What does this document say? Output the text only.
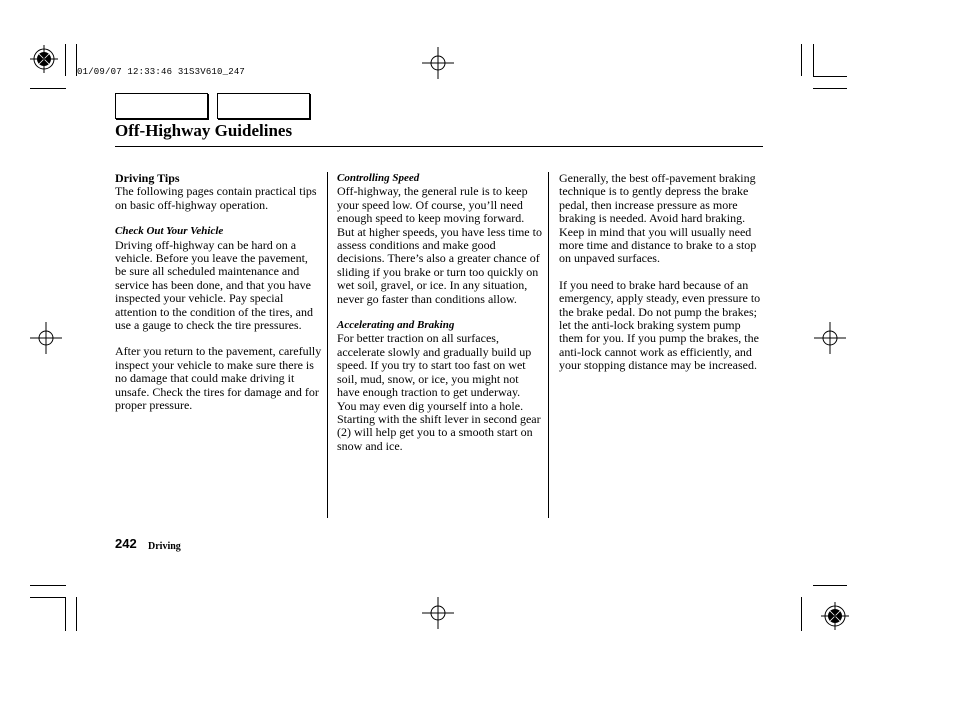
01/09/07 12:33:46 31S3V610_247
Off-Highway Guidelines

Driving Tips

The following pages contain practical tips on basic off-highway operation.

Check Out Your Vehicle

Driving off-highway can be hard on a vehicle. Before you leave the pavement, be sure all scheduled maintenance and service has been done, and that you have inspected your vehicle. Pay special attention to the condition of the tires, and use a gauge to check the tire pressures.

After you return to the pavement, carefully inspect your vehicle to make sure there is no damage that could make driving it unsafe. Check the tires for damage and for proper pressure.

Controlling Speed

Off-highway, the general rule is to keep your speed low. Of course, you’ll need enough speed to keep moving forward. But at higher speeds, you have less time to assess conditions and make good decisions. There’s also a greater chance of sliding if you brake or turn too quickly on wet soil, gravel, or ice. In any situation, never go faster than conditions allow.

Accelerating and Braking

For better traction on all surfaces, accelerate slowly and gradually build up speed. If you try to start too fast on wet soil, mud, snow, or ice, you might not have enough traction to get underway. You may even dig yourself into a hole. Starting with the shift lever in second gear (2) will help get you to a smooth start on snow and ice.

Generally, the best off-pavement braking technique is to gently depress the brake pedal, then increase pressure as more braking is needed. Avoid hard braking. Keep in mind that you will usually need more time and distance to brake to a stop on unpaved surfaces.

If you need to brake hard because of an emergency, apply steady, even pressure to the brake pedal. Do not pump the brakes; let the anti-lock braking system pump them for you. If you pump the brakes, the anti-lock cannot work as efficiently, and your stopping distance may be increased.

242 Driving
